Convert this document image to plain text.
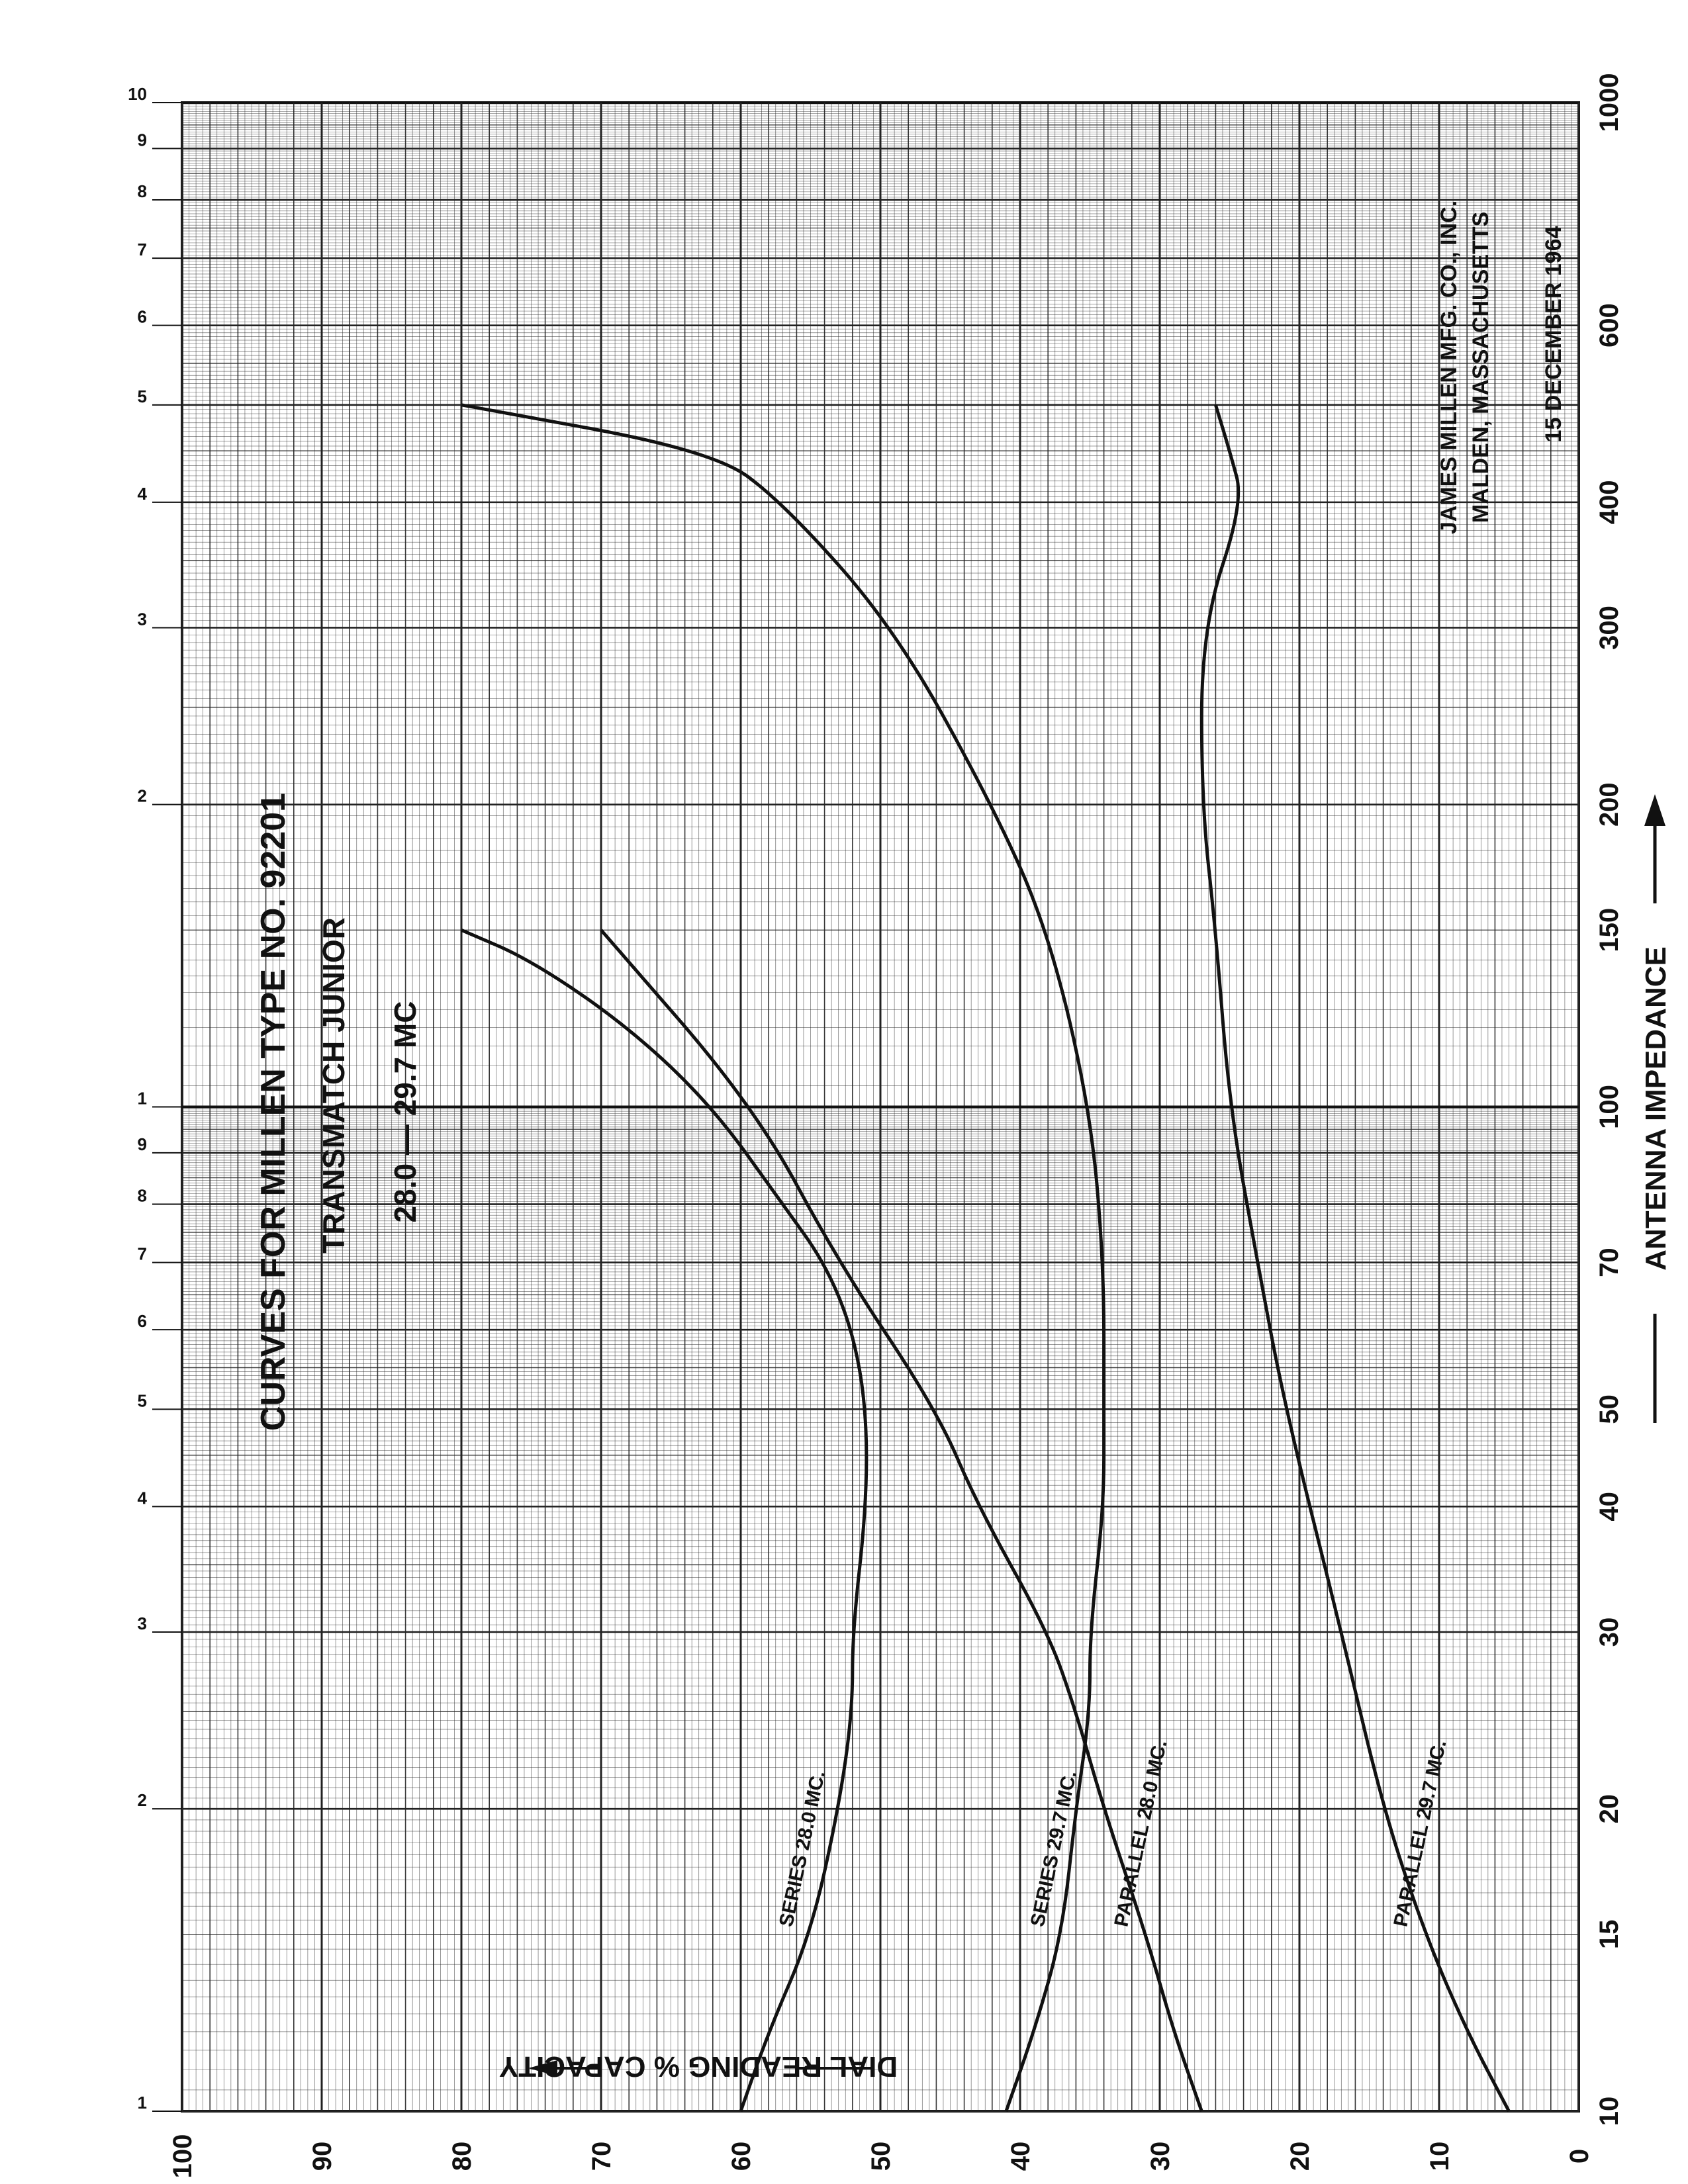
1
2
3
4
5
6
7
8
9
1
2
3
4
5
6
7
8
9
10
10
15
20
30
40
50
70
100
150
200
300
400
600
1000
0
10
20
30
40
50
60
70
80
90
100
SERIES 28.0 MC.	SERIES 29.7 MC. PARALLEL 28.0 MC.	PARALLEL 29.7 MC.
CURVES FOR MILLEN TYPE NO. 92201 TRANSMATCH JUNIOR 28.0 — 29.7 MC
JAMES MILLEN MFG. CO., INC. MALDEN, MASSACHUSETTS 15 DECEMBER 1964
ANTENNA IMPEDANCE
DIAL READING % CAPACITY
